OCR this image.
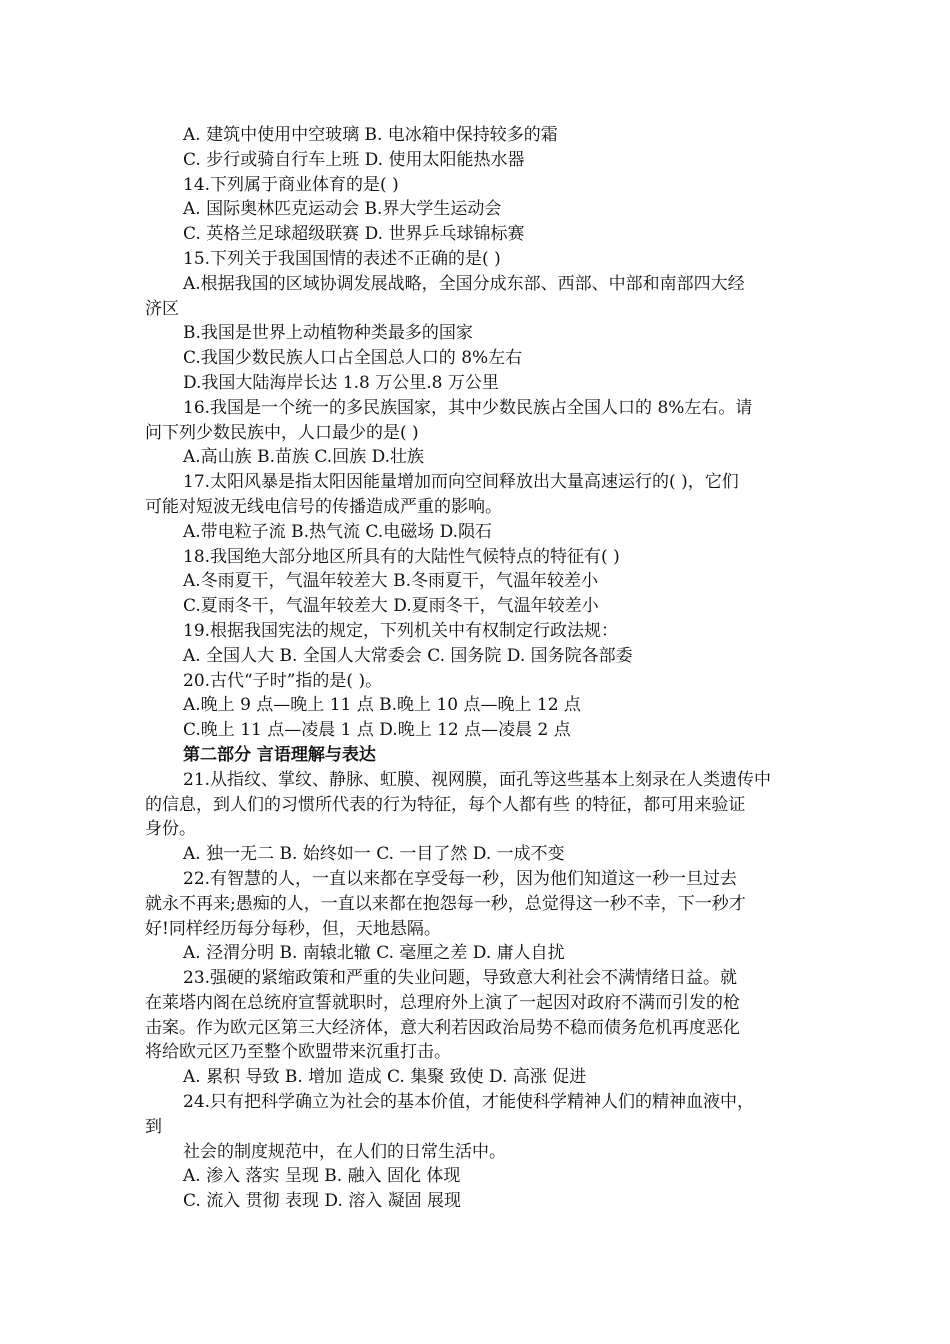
A. 建筑中使用中空玻璃 B. 电冰箱中保持较多的霜
C. 步行或骑自行车上班 D. 使用太阳能热水器
14.下列属于商业体育的是( )
A. 国际奥林匹克运动会 B.界大学生运动会
C. 英格兰足球超级联赛 D. 世界乒乓球锦标赛
15.下列关于我国国情的表述不正确的是( )
A.根据我国的区域协调发展战略，全国分成东部、西部、中部和南部四大经
济区
B.我国是世界上动植物种类最多的国家
C.我国少数民族人口占全国总人口的 8%左右
D.我国大陆海岸长达 1.8 万公里.8 万公里
16.我国是一个统一的多民族国家，其中少数民族占全国人口的 8%左右。请
问下列少数民族中，人口最少的是( )
A.高山族 B.苗族 C.回族 D.壮族
17.太阳风暴是指太阳因能量增加而向空间释放出大量高速运行的( )，它们
可能对短波无线电信号的传播造成严重的影响。
A.带电粒子流 B.热气流 C.电磁场 D.陨石
18.我国绝大部分地区所具有的大陆性气候特点的特征有( )
A.冬雨夏干，气温年较差大 B.冬雨夏干，气温年较差小
C.夏雨冬干，气温年较差大 D.夏雨冬干，气温年较差小
19.根据我国宪法的规定，下列机关中有权制定行政法规：
A. 全国人大 B. 全国人大常委会 C. 国务院 D. 国务院各部委
20.古代“子时”指的是( )。
A.晚上 9 点—晚上 11 点 B.晚上 10 点—晚上 12 点
C.晚上 11 点—凌晨 1 点 D.晚上 12 点—凌晨 2 点
第二部分 言语理解与表达
21.从指纹、掌纹、静脉、虹膜、视网膜，面孔等这些基本上刻录在人类遗传中
的信息，到人们的习惯所代表的行为特征，每个人都有些 的特征，都可用来验证
身份。
A. 独一无二 B. 始终如一 C. 一目了然 D. 一成不变
22.有智慧的人，一直以来都在享受每一秒，因为他们知道这一秒一旦过去
就永不再来;愚痴的人，一直以来都在抱怨每一秒，总觉得这一秒不幸，下一秒才
好!同样经历每分每秒，但，天地悬隔。
A. 泾渭分明 B. 南辕北辙 C. 毫厘之差 D. 庸人自扰
23.强硬的紧缩政策和严重的失业问题，导致意大利社会不满情绪日益。就
在莱塔内阁在总统府宣誓就职时，总理府外上演了一起因对政府不满而引发的枪
击案。作为欧元区第三大经济体，意大利若因政治局势不稳而债务危机再度恶化
将给欧元区乃至整个欧盟带来沉重打击。
A. 累积 导致 B. 增加 造成 C. 集聚 致使 D. 高涨 促进
24.只有把科学确立为社会的基本价值，才能使科学精神人们的精神血液中，
到
社会的制度规范中，在人们的日常生活中。
A. 渗入 落实 呈现 B. 融入 固化 体现
C. 流入 贯彻 表现 D. 溶入 凝固 展现
